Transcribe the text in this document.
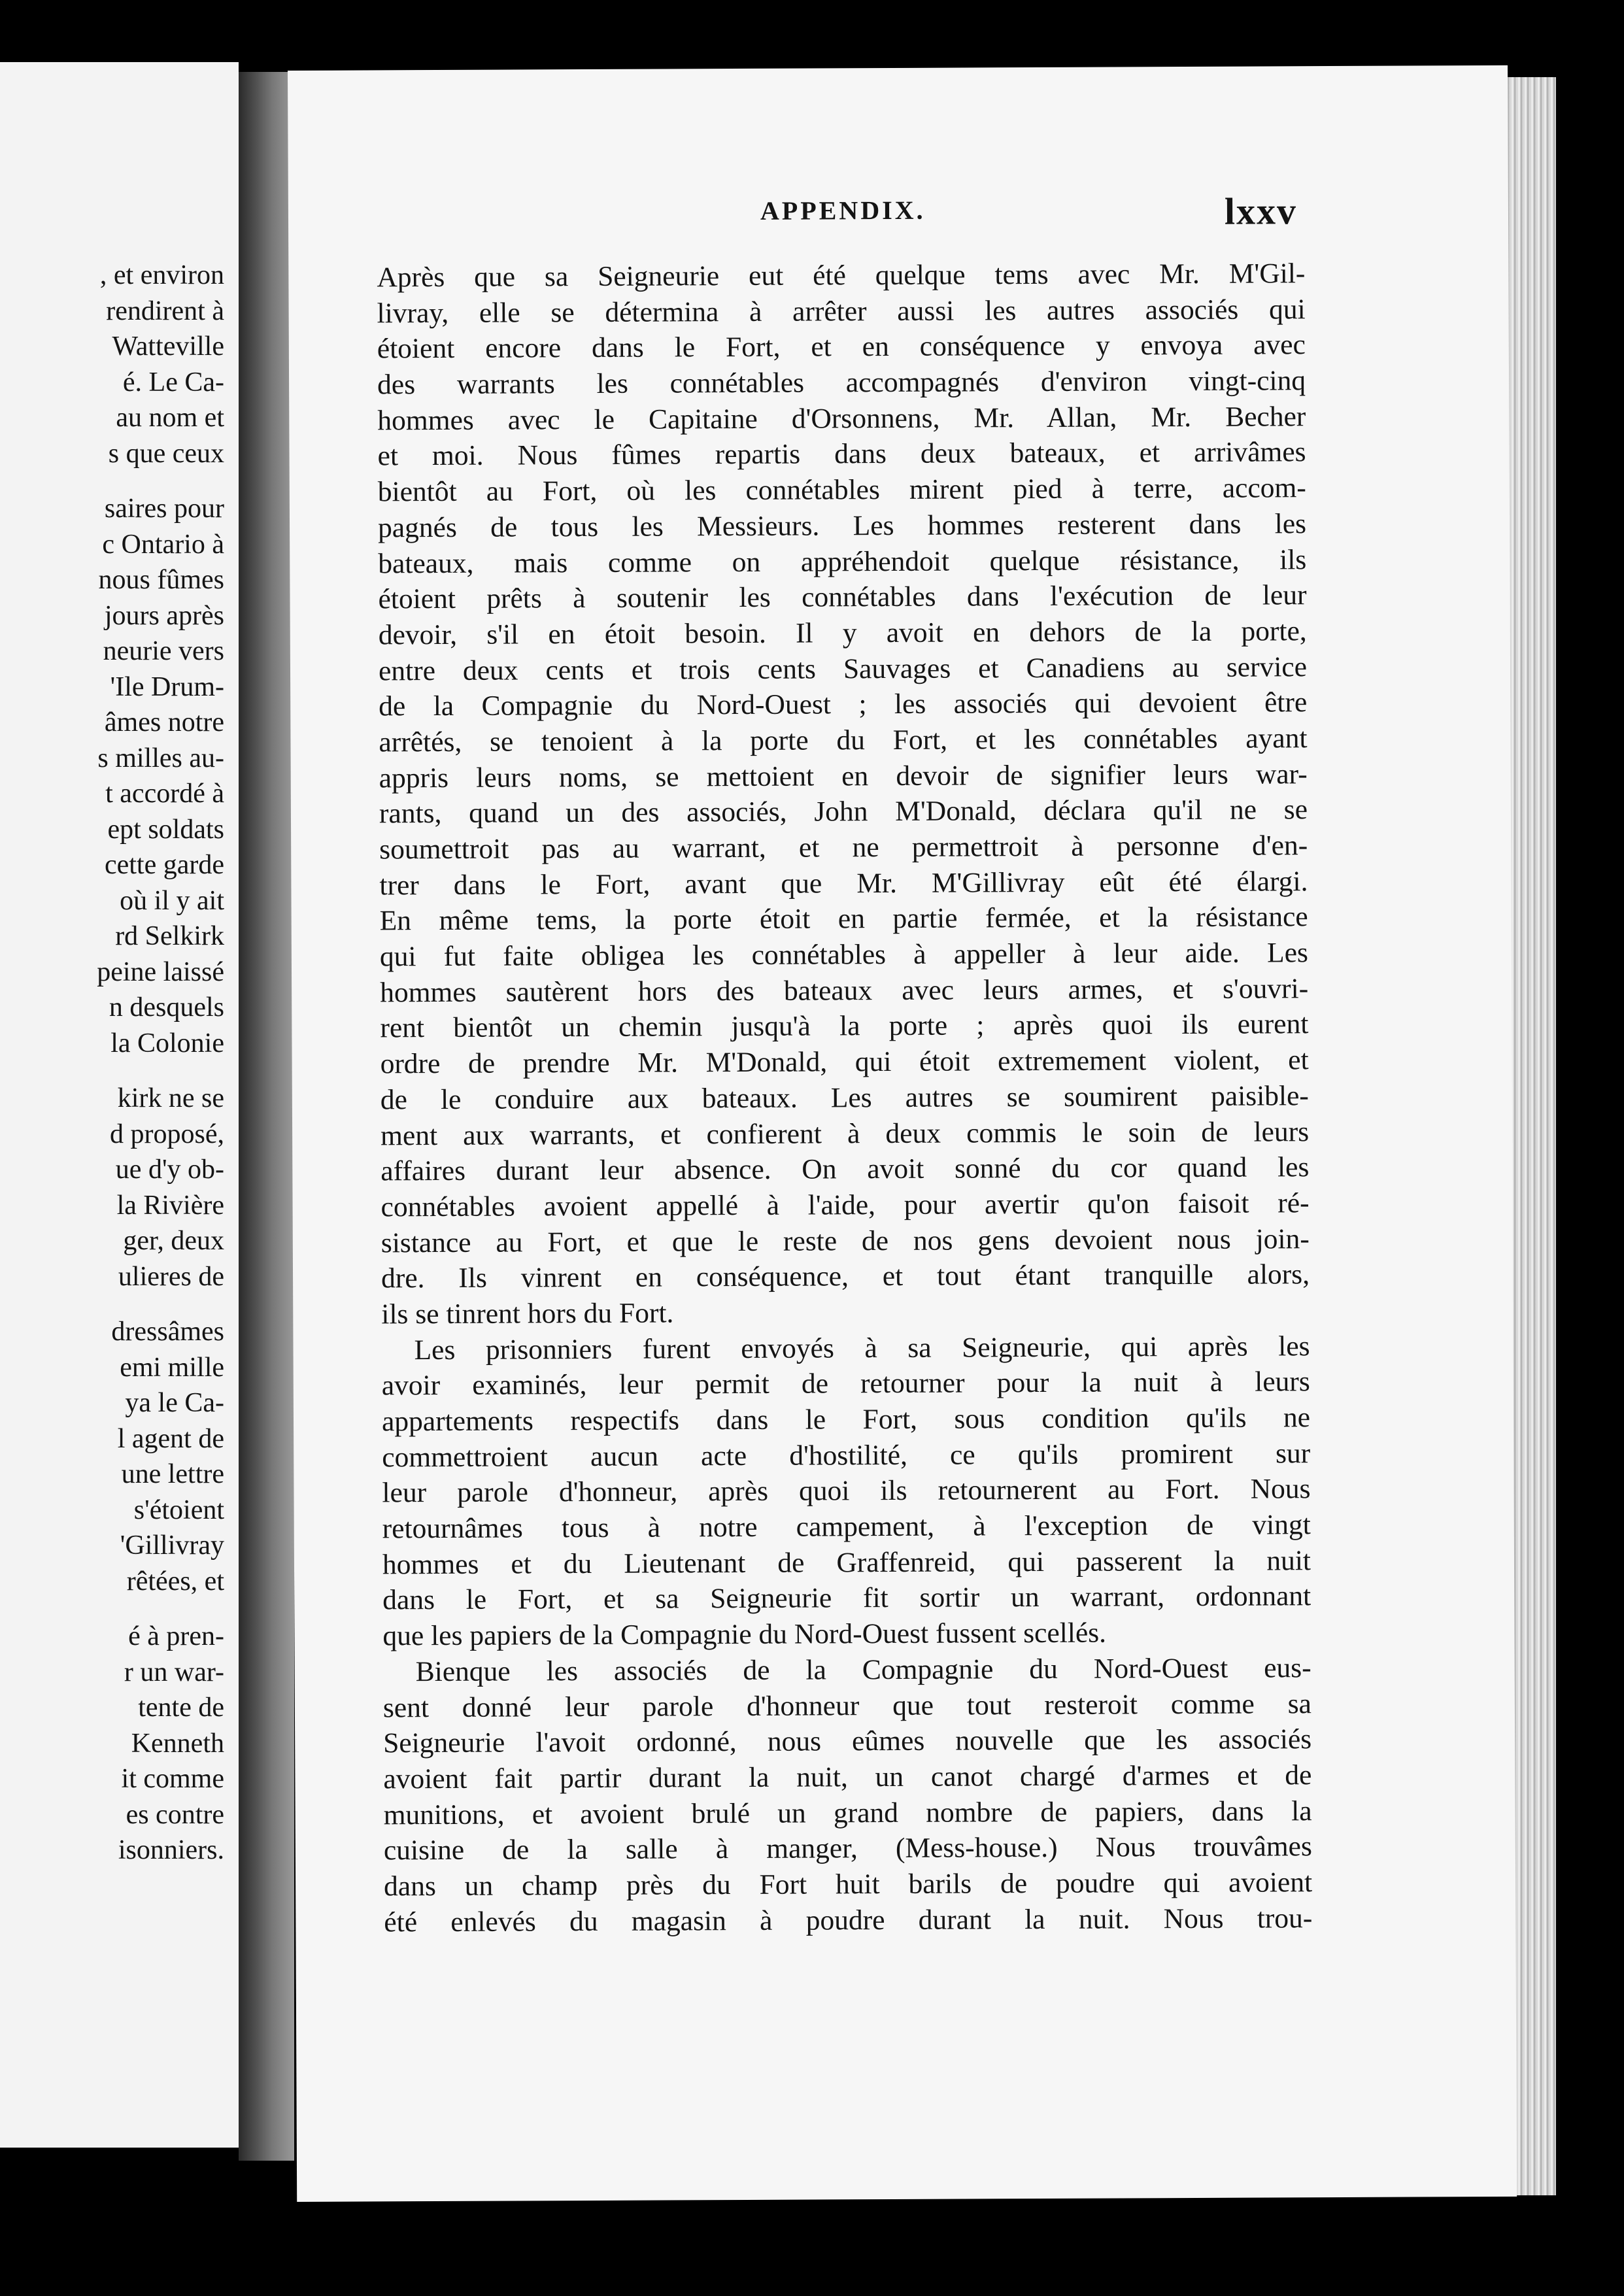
, et environ
rendirent à
Watteville
é. Le Ca-
au nom et
s que ceux
saires pour
c Ontario à
nous fûmes
jours après
neurie vers
'Ile Drum-
âmes notre
s milles au-
t accordé à
ept soldats
cette garde
où il y ait
rd Selkirk
peine laissé
n desquels
la Colonie
kirk ne se
d proposé,
ue d'y ob-
la Rivière
ger, deux
ulieres de
dressâmes
emi mille
ya le Ca-
l agent de
une lettre
s'étoient
'Gillivray
rêtées, et
é à pren-
r un war-
tente de
Kenneth
it comme
es contre
isonniers.
APPENDIX.	lxxv
Après que sa Seigneurie eut été quelque tems avec Mr. M'Gil-
livray, elle se détermina à arrêter aussi les autres associés qui
étoient encore dans le Fort, et en conséquence y envoya avec
des warrants les connétables accompagnés d'environ vingt-cinq
hommes avec le Capitaine d'Orsonnens, Mr. Allan, Mr. Becher
et moi. Nous fûmes repartis dans deux bateaux, et arrivâmes
bientôt au Fort, où les connétables mirent pied à terre, accom-
pagnés de tous les Messieurs. Les hommes resterent dans les
bateaux, mais comme on appréhendoit quelque résistance, ils
étoient prêts à soutenir les connétables dans l'exécution de leur
devoir, s'il en étoit besoin. Il y avoit en dehors de la porte,
entre deux cents et trois cents Sauvages et Canadiens au service
de la Compagnie du Nord-Ouest ; les associés qui devoient être
arrêtés, se tenoient à la porte du Fort, et les connétables ayant
appris leurs noms, se mettoient en devoir de signifier leurs war-
rants, quand un des associés, John M'Donald, déclara qu'il ne se
soumettroit pas au warrant, et ne permettroit à personne d'en-
trer dans le Fort, avant que Mr. M'Gillivray eût été élargi.
En même tems, la porte étoit en partie fermée, et la résistance
qui fut faite obligea les connétables à appeller à leur aide. Les
hommes sautèrent hors des bateaux avec leurs armes, et s'ouvri-
rent bientôt un chemin jusqu'à la porte ; après quoi ils eurent
ordre de prendre Mr. M'Donald, qui étoit extremement violent, et
de le conduire aux bateaux. Les autres se soumirent paisible-
ment aux warrants, et confierent à deux commis le soin de leurs
affaires durant leur absence. On avoit sonné du cor quand les
connétables avoient appellé à l'aide, pour avertir qu'on faisoit ré-
sistance au Fort, et que le reste de nos gens devoient nous join-
dre. Ils vinrent en conséquence, et tout étant tranquille alors,
ils se tinrent hors du Fort.
Les prisonniers furent envoyés à sa Seigneurie, qui après les
avoir examinés, leur permit de retourner pour la nuit à leurs
appartements respectifs dans le Fort, sous condition qu'ils ne
commettroient aucun acte d'hostilité, ce qu'ils promirent sur
leur parole d'honneur, après quoi ils retournerent au Fort. Nous
retournâmes tous à notre campement, à l'exception de vingt
hommes et du Lieutenant de Graffenreid, qui passerent la nuit
dans le Fort, et sa Seigneurie fit sortir un warrant, ordonnant
que les papiers de la Compagnie du Nord-Ouest fussent scellés.
Bienque les associés de la Compagnie du Nord-Ouest eus-
sent donné leur parole d'honneur que tout resteroit comme sa
Seigneurie l'avoit ordonné, nous eûmes nouvelle que les associés
avoient fait partir durant la nuit, un canot chargé d'armes et de
munitions, et avoient brulé un grand nombre de papiers, dans la
cuisine de la salle à manger, (Mess-house.) Nous trouvâmes
dans un champ près du Fort huit barils de poudre qui avoient
été enlevés du magasin à poudre durant la nuit. Nous trou-
